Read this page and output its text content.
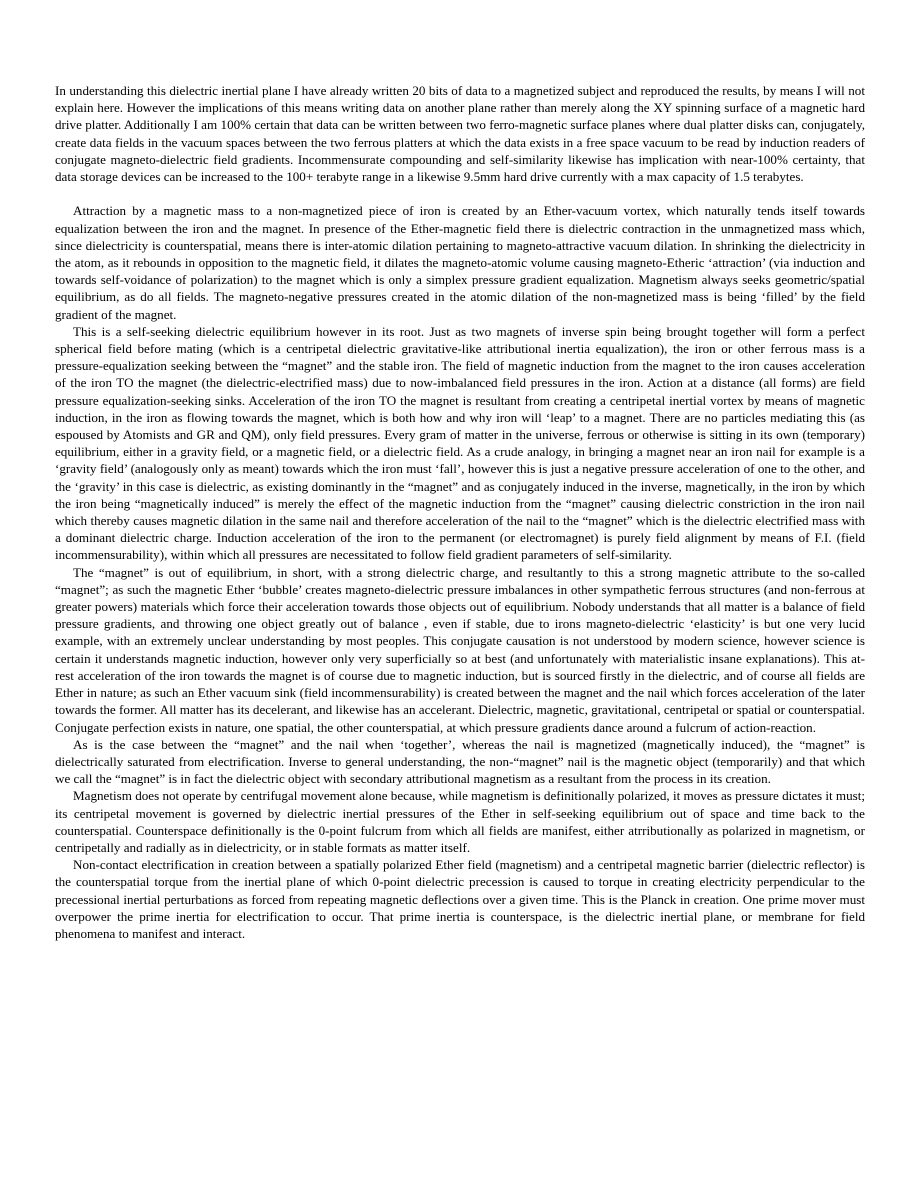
In understanding this dielectric inertial plane I have already written 20 bits of data to a magnetized subject and reproduced the results, by means I will not explain here. However the implications of this means writing data on another plane rather than merely along the XY spinning surface of a magnetic hard drive platter. Additionally I am 100% certain that data can be written between two ferro-magnetic surface planes where dual platter disks can, conjugately, create data fields in the vacuum spaces between the two ferrous platters at which the data exists in a free space vacuum to be read by induction readers of conjugate magneto-dielectric field gradients. Incommensurate compounding and self-similarity likewise has implication with near-100% certainty, that data storage devices can be increased to the 100+ terabyte range in a likewise 9.5mm hard drive currently with a max capacity of 1.5 terabytes.

Attraction by a magnetic mass to a non-magnetized piece of iron is created by an Ether-vacuum vortex, which naturally tends itself towards equalization between the iron and the magnet. In presence of the Ether-magnetic field there is dielectric contraction in the unmagnetized mass which, since dielectricity is counterspatial, means there is inter-atomic dilation pertaining to magneto-attractive vacuum dilation. In shrinking the dielectricity in the atom, as it rebounds in opposition to the magnetic field, it dilates the magneto-atomic volume causing magneto-Etheric ‘attraction’ (via induction and towards self-voidance of polarization) to the magnet which is only a simplex pressure gradient equalization. Magnetism always seeks geometric/spatial equilibrium, as do all fields. The magneto-negative pressures created in the atomic dilation of the non-magnetized mass is being ‘filled’ by the field gradient of the magnet.

This is a self-seeking dielectric equilibrium however in its root. Just as two magnets of inverse spin being brought together will form a perfect spherical field before mating (which is a centripetal dielectric gravitative-like attributional inertia equalization), the iron or other ferrous mass is a pressure-equalization seeking between the “magnet” and the stable iron. The field of magnetic induction from the magnet to the iron causes acceleration of the iron TO the magnet (the dielectric-electrified mass) due to now-imbalanced field pressures in the iron. Action at a distance (all forms) are field pressure equalization-seeking sinks. Acceleration of the iron TO the magnet is resultant from creating a centripetal inertial vortex by means of magnetic induction, in the iron as flowing towards the magnet, which is both how and why iron will ‘leap’ to a magnet. There are no particles mediating this (as espoused by Atomists and GR and QM), only field pressures. Every gram of matter in the universe, ferrous or otherwise is sitting in its own (temporary) equilibrium, either in a gravity field, or a magnetic field, or a dielectric field. As a crude analogy, in bringing a magnet near an iron nail for example is a ‘gravity field’ (analogously only as meant) towards which the iron must ‘fall’, however this is just a negative pressure acceleration of one to the other, and the ‘gravity’ in this case is dielectric, as existing dominantly in the “magnet” and as conjugately induced in the inverse, magnetically, in the iron by which the iron being “magnetically induced” is merely the effect of the magnetic induction from the “magnet” causing dielectric constriction in the iron nail which thereby causes magnetic dilation in the same nail and therefore acceleration of the nail to the “magnet” which is the dielectric electrified mass with a dominant dielectric charge. Induction acceleration of the iron to the permanent (or electromagnet) is purely field alignment by means of F.I. (field incommensurability), within which all pressures are necessitated to follow field gradient parameters of self-similarity.

The “magnet” is out of equilibrium, in short, with a strong dielectric charge, and resultantly to this a strong magnetic attribute to the so-called “magnet”; as such the magnetic Ether ‘bubble’ creates magneto-dielectric pressure imbalances in other sympathetic ferrous structures (and non-ferrous at greater powers) materials which force their acceleration towards those objects out of equilibrium. Nobody understands that all matter is a balance of field pressure gradients, and throwing one object greatly out of balance , even if stable, due to irons magneto-dielectric ‘elasticity’ is but one very lucid example, with an extremely unclear understanding by most peoples. This conjugate causation is not understood by modern science, however science is certain it understands magnetic induction, however only very superficially so at best (and unfortunately with materialistic insane explanations). This at-rest acceleration of the iron towards the magnet is of course due to magnetic induction, but is sourced firstly in the dielectric, and of course all fields are Ether in nature; as such an Ether vacuum sink (field incommensurability) is created between the magnet and the nail which forces acceleration of the later towards the former. All matter has its decelerant, and likewise has an accelerant. Dielectric, magnetic, gravitational, centripetal or spatial or counterspatial. Conjugate perfection exists in nature, one spatial, the other counterspatial, at which pressure gradients dance around a fulcrum of action-reaction.

As is the case between the “magnet” and the nail when ‘together’, whereas the nail is magnetized (magnetically induced), the “magnet” is dielectrically saturated from electrification. Inverse to general understanding, the non-“magnet” nail is the magnetic object (temporarily) and that which we call the “magnet” is in fact the dielectric object with secondary attributional magnetism as a resultant from the process in its creation.

Magnetism does not operate by centrifugal movement alone because, while magnetism is definitionally polarized, it moves as pressure dictates it must; its centripetal movement is governed by dielectric inertial pressures of the Ether in self-seeking equilibrium out of space and time back to the counterspatial. Counterspace definitionally is the 0-point fulcrum from which all fields are manifest, either atrributionally as polarized in magnetism, or centripetally and radially as in dielectricity, or in stable formats as matter itself.

Non-contact electrification in creation between a spatially polarized Ether field (magnetism) and a centripetal magnetic barrier (dielectric reflector) is the counterspatial torque from the inertial plane of which 0-point dielectric precession is caused to torque in creating electricity perpendicular to the precessional inertial perturbations as forced from repeating magnetic deflections over a given time. This is the Planck in creation. One prime mover must overpower the prime inertia for electrification to occur. That prime inertia is counterspace, is the dielectric inertial plane, or membrane for field phenomena to manifest and interact.
